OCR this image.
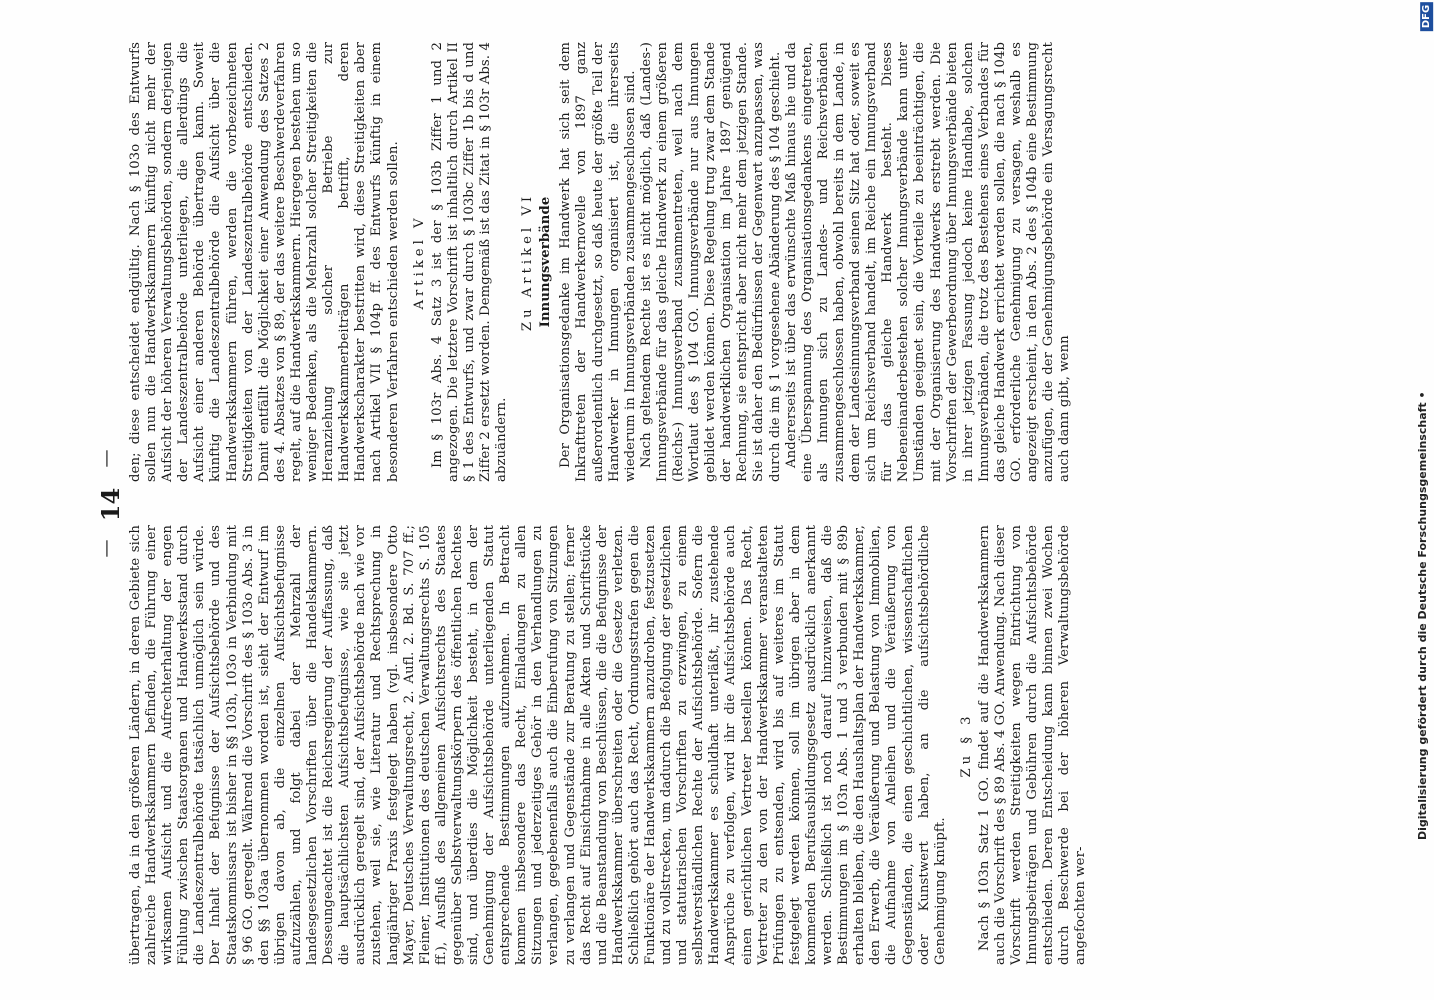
übertragen, da in den größeren Ländern, in deren Gebiete sich zahlreiche Handwerkskammern befinden, die Führung einer wirksamen Aufsicht und die Aufrechterhaltung der engen Fühlung zwischen Staatsorganen und Handwerksstand durch die Landeszentralbehörde tatsächlich unmöglich sein würde. Der Inhalt der Befugnisse der Aufsichtsbehörde und des Staatskommissars ist bisher in §§ 103h, 103o in Verbindung mit § 96 GO. geregelt. Während die Vorschrift des § 103o Abs. 3 in den §§ 103aa übernommen worden ist, sieht der Entwurf im übrigen davon ab, die einzelnen Aufsichtsbefugnisse aufzuzählen, und folgt dabei der Mehrzahl der landesgesetzlichen Vorschriften über die Handelskammern. Desseungeachtet ist die Reichsregierung der Auffassung, daß die hauptsächlichsten Aufsichtsbefugnisse, wie sie jetzt ausdrücklich geregelt sind, der Aufsichtsbehörde nach wie vor zustehen, weil sie, wie Literatur und Rechtsprechung in langjähriger Praxis festgelegt haben (vgl. insbesondere Otto Mayer, Deutsches Verwaltungsrecht, 2. Aufl. 2. Bd. S. 707 ff.; Fleiner, Institutionen des deutschen Verwaltungsrechts S. 105 ff.), Ausfluß des allgemeinen Aufsichtsrechts des Staates gegenüber Selbstverwaltungskörpern des öffentlichen Rechtes sind, und überdies die Möglichkeit besteht, in dem der Genehmigung der Aufsichtsbehörde unterliegenden Statut entsprechende Bestimmungen aufzunehmen. In Betracht kommen insbesondere das Recht, Einladungen zu allen Sitzungen und jederzeitiges Gehör in den Verhandlungen zu verlangen, gegebenenfalls auch die Einberufung von Sitzungen zu verlangen und Gegenstände zur Beratung zu stellen; ferner das Recht auf Einsichtnahme in alle Akten und Schriftstücke und die Beanstandung von Beschlüssen, die die Befugnisse der Handwerkskammer überschreiten oder die Gesetze verletzen. Schließlich gehört auch das Recht, Ordnungsstrafen gegen die Funktionäre der Handwerkskammern anzudrohen, festzusetzen und zu vollstrecken, um dadurch die Befolgung der gesetzlichen und statutarischen Vorschriften zu erzwingen, zu einem selbstverständlichen Rechte der Aufsichtsbehörde. Sofern die Handwerkskammer es schuldhaft unterläßt, ihr zustehende Ansprüche zu verfolgen, wird ihr die Aufsichtsbehörde auch einen gerichtlichen Vertreter bestellen können. Das Recht, Vertreter zu den von der Handwerkskammer veranstalteten Prüfungen zu entsenden, wird bis auf weiteres im Statut festgelegt werden können, soll im übrigen aber in dem kommenden Berufsausbildungsgesetz ausdrücklich anerkannt werden. Schließlich ist noch darauf hinzuweisen, daß die Bestimmungen im § 103n Abs. 1 und 3 verbunden mit § 89b erhalten bleiben, die den Haushaltsplan der Handwerkskammer, den Erwerb, die Veräußerung und Belastung von Immobilien, die Aufnahme von Anleihen und die Veräußerung von Gegenständen, die einen geschichtlichen, wissenschaftlichen oder Kunstwert haben, an die aufsichtsbehördliche Genehmigung knüpft.

Zu § 3 Nach § 103n Satz 1 GO. findet auf die Handwerkskammern auch die Vorschrift des § 89 Abs. 4 GO. Anwendung. Nach dieser Vorschrift werden Streitigkeiten wegen Entrichtung von Innungsbeiträgen und Gebühren durch die Aufsichtsbehörde entschieden. Deren Entscheidung kann binnen zwei Wochen durch Beschwerde bei der höheren Verwaltungsbehörde angefochten wer-

—
14
— den; diese entscheidet endgültig. Nach § 103o des Entwurfs sollen nun die Handwerkskammern künftig nicht mehr der Aufsicht der höheren Verwaltungsbehörden, sondern derjenigen der Landeszentralbehörde unterliegen, die allerdings die Aufsicht einer anderen Behörde übertragen kann. Soweit künftig die Landeszentralbehörde die Aufsicht über die Handwerkskammern führen, werden die vorbezeichneten Streitigkeiten von der Landeszentralbehörde entschieden. Damit entfällt die Möglichkeit einer Anwendung des Satzes 2 des 4. Absatzes von § 89, der das weitere Beschwerdeverfahren regelt, auf die Handwerkskammern. Hiergegen bestehen um so weniger Bedenken, als die Mehrzahl solcher Streitigkeiten die Heranziehung solcher Betriebe zur Handwerkskammerbeiträgen betrifft, deren Handwerkscharakter bestritten wird, diese Streitigkeiten aber nach Artikel VII § 104p ff. des Entwurfs künftig in einem besonderen Verfahren entschieden werden sollen. Artikel V Im § 103r Abs. 4 Satz 3 ist der § 103b Ziffer 1 und 2 angezogen. Die letztere Vorschrift ist inhaltlich durch Artikel II § 1 des Entwurfs, und zwar durch § 103bc Ziffer 1b bis d und Ziffer 2 ersetzt worden. Demgemäß ist das Zitat in § 103r Abs. 4 abzuändern.

Zu Artikel VI Innungsverbände Der Organisationsgedanke im Handwerk hat sich seit dem Inkrafttreten der Handwerkernovelle von 1897 ganz außerordentlich durchgesetzt, so daß heute der größte Teil der Handwerker in Innungen organisiert ist, die ihrerseits wiederum in Innungsverbänden zusammengeschlossen sind. Nach geltendem Rechte ist es nicht möglich, daß (Landes-) Innungsverbände für das gleiche Handwerk zu einem größeren (Reichs-) Innungsverband zusammentreten, weil nach dem Wortlaut des § 104 GO. Innungsverbände nur aus Innungen gebildet werden können. Diese Regelung trug zwar dem Stande der handwerklichen Organisation im Jahre 1897 genügend Rechnung, sie entspricht aber nicht mehr dem jetzigen Stande. Sie ist daher den Bedürfnissen der Gegenwart anzupassen, was durch die im § 1 vorgesehene Abänderung des § 104 geschieht. Andererseits ist über das erwünschte Maß hinaus hie und da eine Überspannung des Organisationsgedankens eingetreten, als Innungen sich zu Landes- und Reichsverbänden zusammengeschlossen haben, obwohl bereits in dem Lande, in dem der Landesinnungsverband seinen Sitz hat oder, soweit es sich um Reichsverband handelt, im Reiche ein Innungsverband für das gleiche Handwerk besteht. Dieses Nebeneinanderbestehen solcher Innungsverbände kann unter Umständen geeignet sein, die Vorteile zu beeinträchtigen, die mit der Organisierung des Handwerks erstrebt werden. Die Vorschriften der Gewerbeordnung über Innungsverbände bieten in ihrer jetzigen Fassung jedoch keine Handhabe, solchen Innungsverbänden, die trotz des Bestehens eines Verbandes für das gleiche Handwerk errichtet werden sollen, die nach § 104b GO. erforderliche Genehmigung zu versagen, weshalb es angezeigt erscheint, in den Abs. 2 des § 104b eine Bestimmung anzufügen, die der Genehmigungsbehörde ein Versagungsrecht auch dann gibt, wenn	Digitalisierung gefördert durch die Deutsche Forschungsgemeinschaft •
DFG
